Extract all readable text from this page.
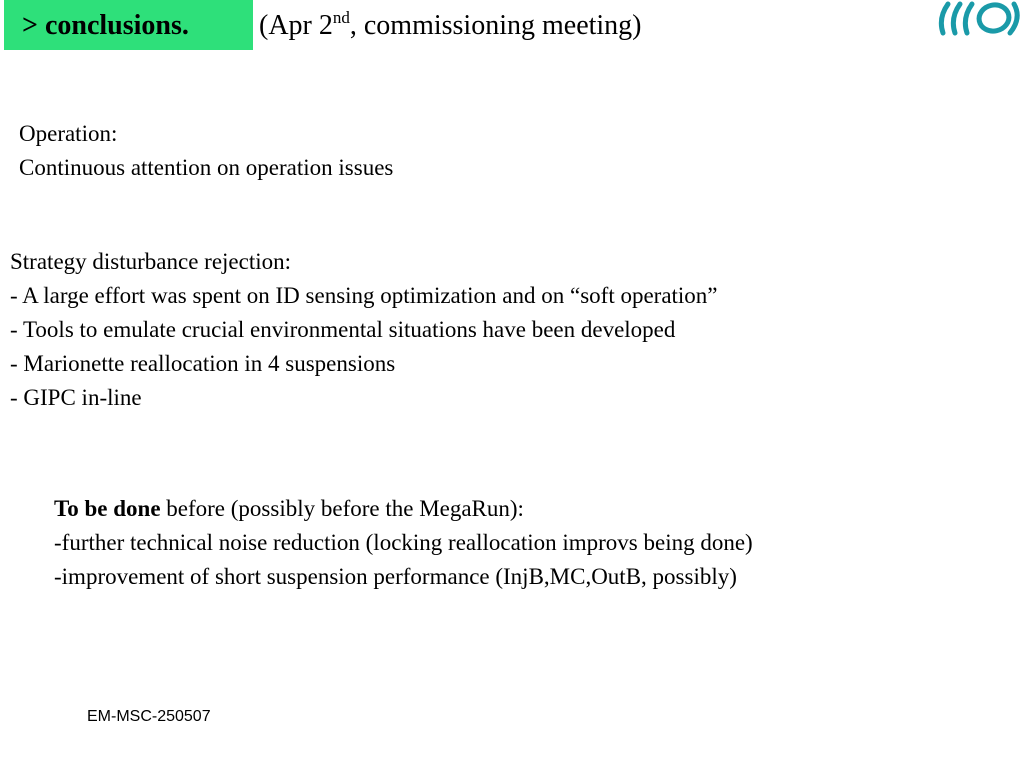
> conclusions.	(Apr 2nd, commissioning meeting)
Operation:
Continuous attention on operation issues
Strategy disturbance rejection:
- A large effort was spent on ID sensing optimization and on “soft operation”
- Tools to emulate crucial environmental situations have been developed
- Marionette reallocation in 4 suspensions
- GIPC in-line
To be done before (possibly before the MegaRun):
-further technical noise reduction (locking reallocation improvs being done)
-improvement of short suspension performance (InjB,MC,OutB, possibly)
EM-MSC-250507
